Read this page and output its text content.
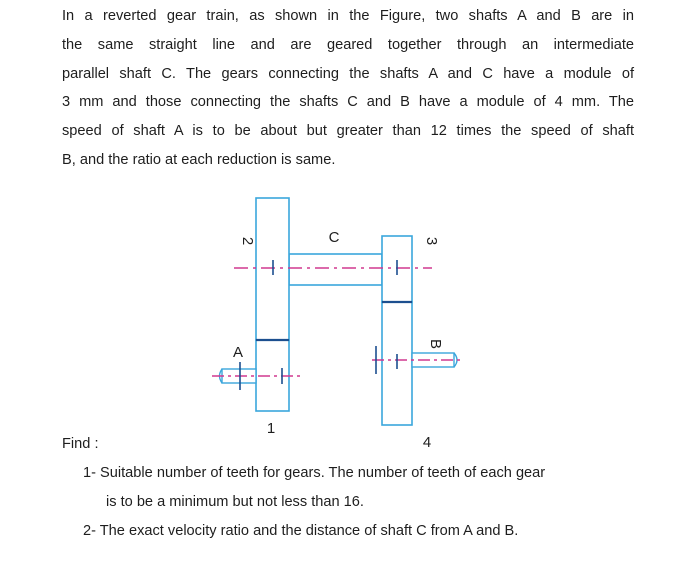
In a reverted gear train, as shown in the Figure, two shafts A and B are in
the same straight line and are geared together through an intermediate
parallel shaft C. The gears connecting the shafts A and C have a module of
3 mm and those connecting the shafts C and B have a module of 4 mm. The
speed of shaft A is to be about but greater than 12 times the speed of shaft
B, and the ratio at each reduction is same.
2	C	3
B
A
1
4
Find :
1- Suitable number of teeth for gears. The number of teeth of each gear
is to be a minimum but not less than 16.
2- The exact velocity ratio and the distance of shaft C from A and B.
